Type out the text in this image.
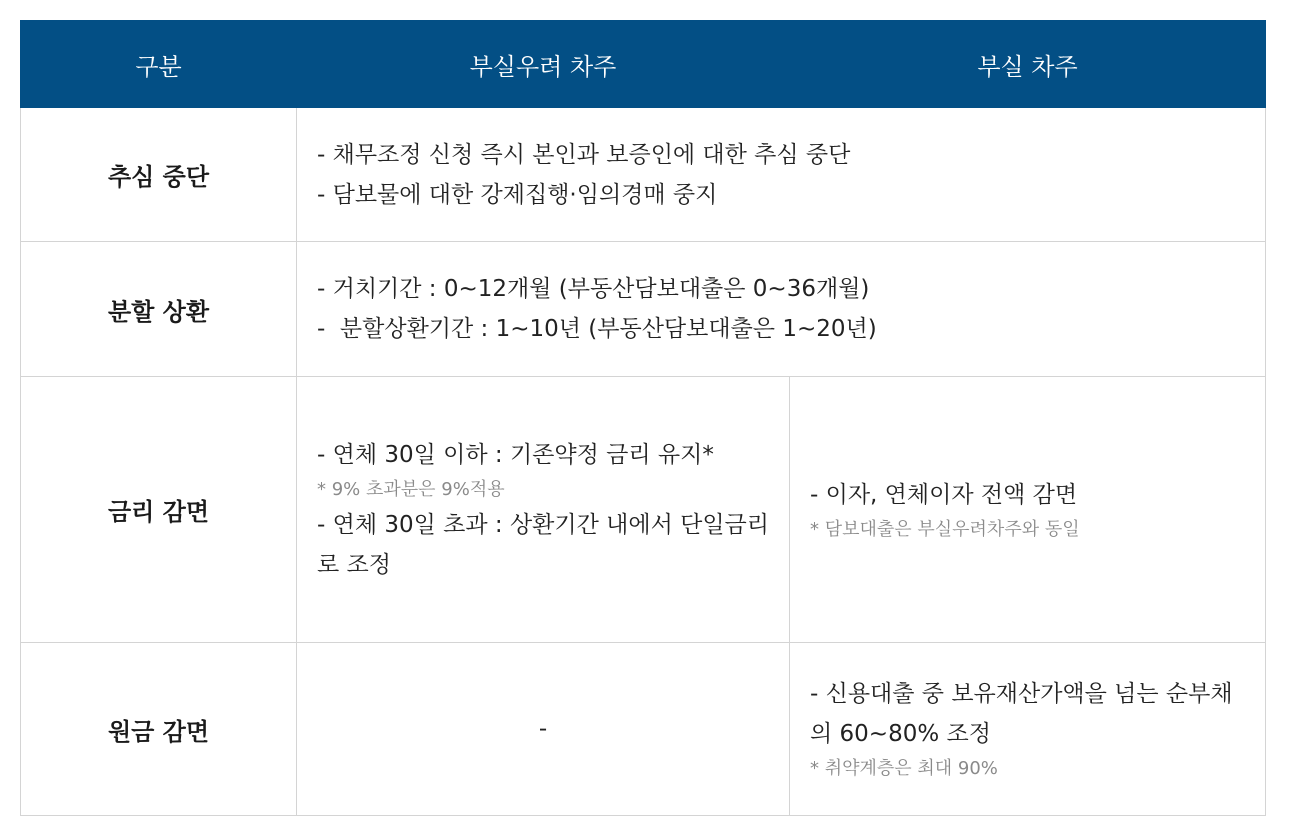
구분	부실우려 차주	부실 차주
추심 중단	- 채무조정 신청 즉시 본인과 보증인에 대한 추심 중단
- 담보물에 대한 강제집행·임의경매 중지	

분할 상환	- 거치기간 : 0~12개월 (부동산담보대출은 0~36개월)
-  분할상환기간 : 1~10년 (부동산담보대출은 1~20년)	

금리 감면	- 연체 30일 이하 : 기존약정 금리 유지*
* 9% 초과분은 9%적용
- 연체 30일 초과 : 상환기간 내에서 단일금리로 조정	- 이자, 연체이자 전액 감면
* 담보대출은 부실우려차주와 동일

원금 감면	-	- 신용대출 중 보유재산가액을 넘는 순부채의 60~80% 조정
* 취약계층은 최대 90%
